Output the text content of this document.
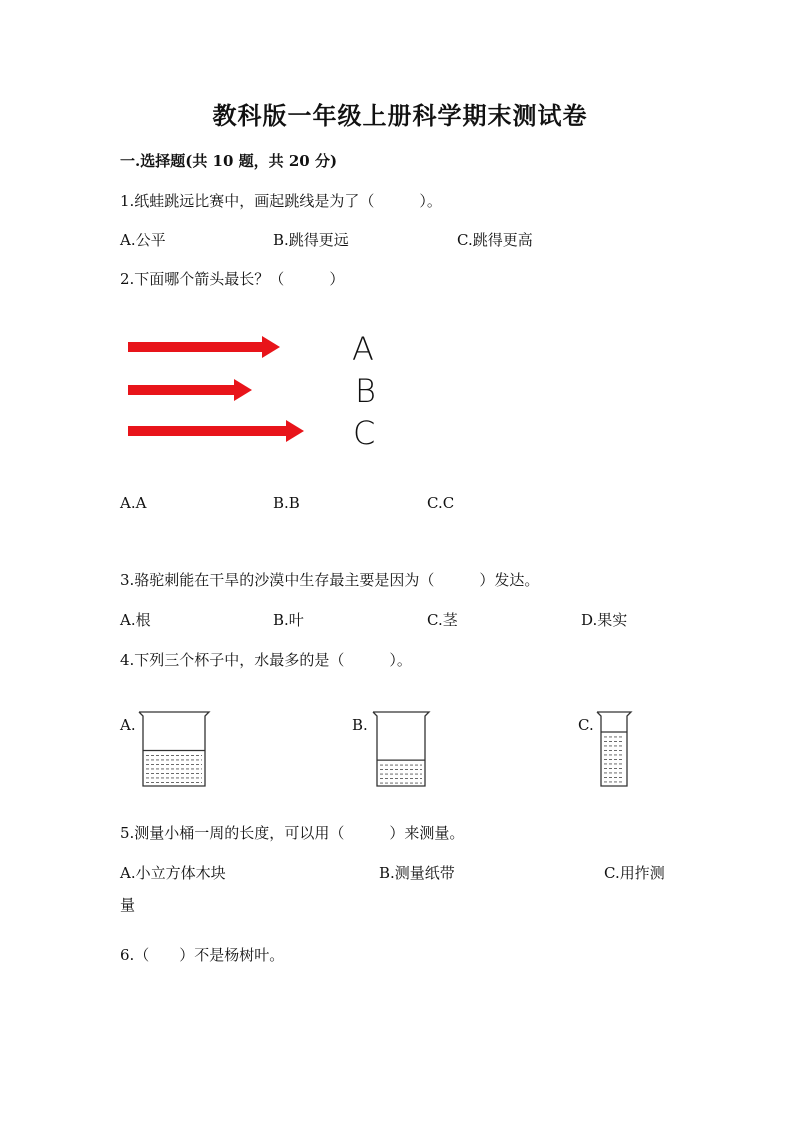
教科版一年级上册科学期末测试卷
一.选择题(共 10 题，共 20 分)
1.纸蛙跳远比赛中，画起跳线是为了（　　　）。
A.公平	B.跳得更远	C.跳得更高
2.下面哪个箭头最长？（　　　）
A
B
C
A.A	B.B	C.C
3.骆驼刺能在干旱的沙漠中生存最主要是因为（　　　）发达。
A.根	B.叶	C.茎	D.果实
4.下列三个杯子中，水最多的是（　　　）。
A.	B.	C.
5.测量小桶一周的长度，可以用（　　　）来测量。
A.小立方体木块	B.测量纸带	C.用拃测
量
6.（　　）不是杨树叶。
